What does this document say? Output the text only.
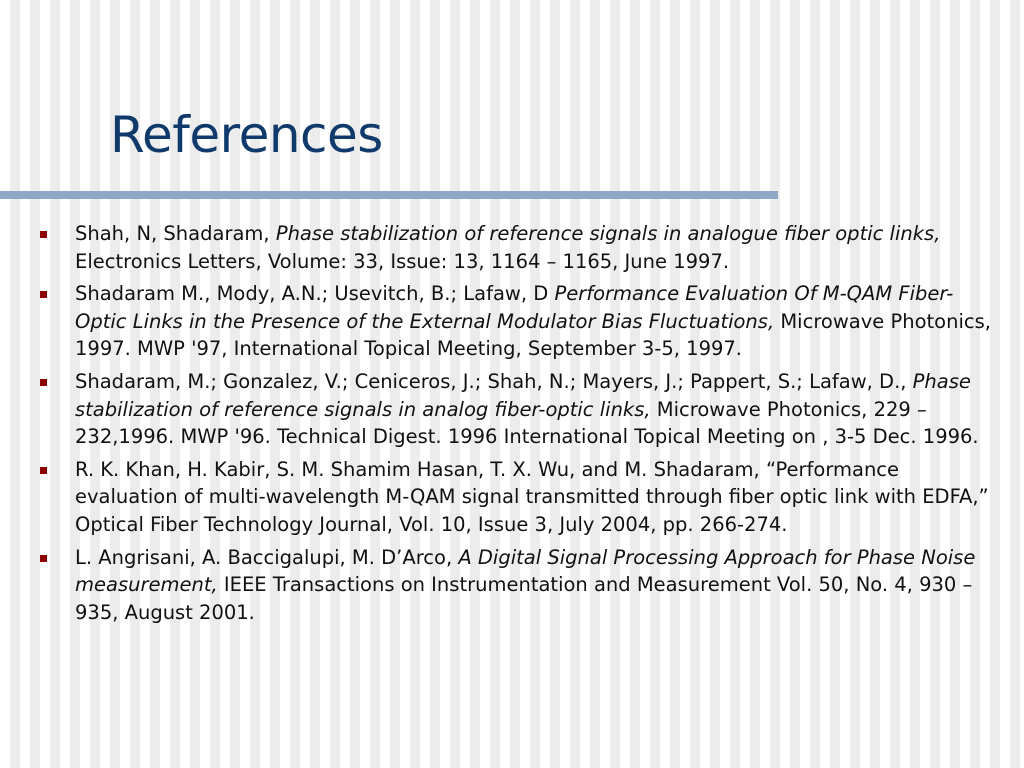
References
Shah, N, Shadaram, Phase stabilization of reference signals in analogue fiber optic links, Electronics Letters, Volume: 33, Issue: 13, 1164 – 1165, June 1997.
Shadaram M., Mody, A.N.; Usevitch, B.; Lafaw, D Performance Evaluation Of M-QAM Fiber-Optic Links in the Presence of the External Modulator Bias Fluctuations, Microwave Photonics, 1997. MWP '97, International Topical Meeting, September 3-5, 1997.
Shadaram, M.; Gonzalez, V.; Ceniceros, J.; Shah, N.; Mayers, J.; Pappert, S.; Lafaw, D., Phase stabilization of reference signals in analog fiber-optic links, Microwave Photonics, 229 – 232,1996. MWP '96. Technical Digest. 1996 International Topical Meeting on , 3-5 Dec. 1996.
R. K. Khan, H. Kabir, S. M. Shamim Hasan, T. X. Wu, and M. Shadaram, “Performance evaluation of multi-wavelength M-QAM signal transmitted through fiber optic link with EDFA,” Optical Fiber Technology Journal, Vol. 10, Issue 3, July 2004, pp. 266-274.
L. Angrisani, A. Baccigalupi, M. D’Arco, A Digital Signal Processing Approach for Phase Noise measurement, IEEE Transactions on Instrumentation and Measurement Vol. 50, No. 4, 930 – 935, August 2001.
